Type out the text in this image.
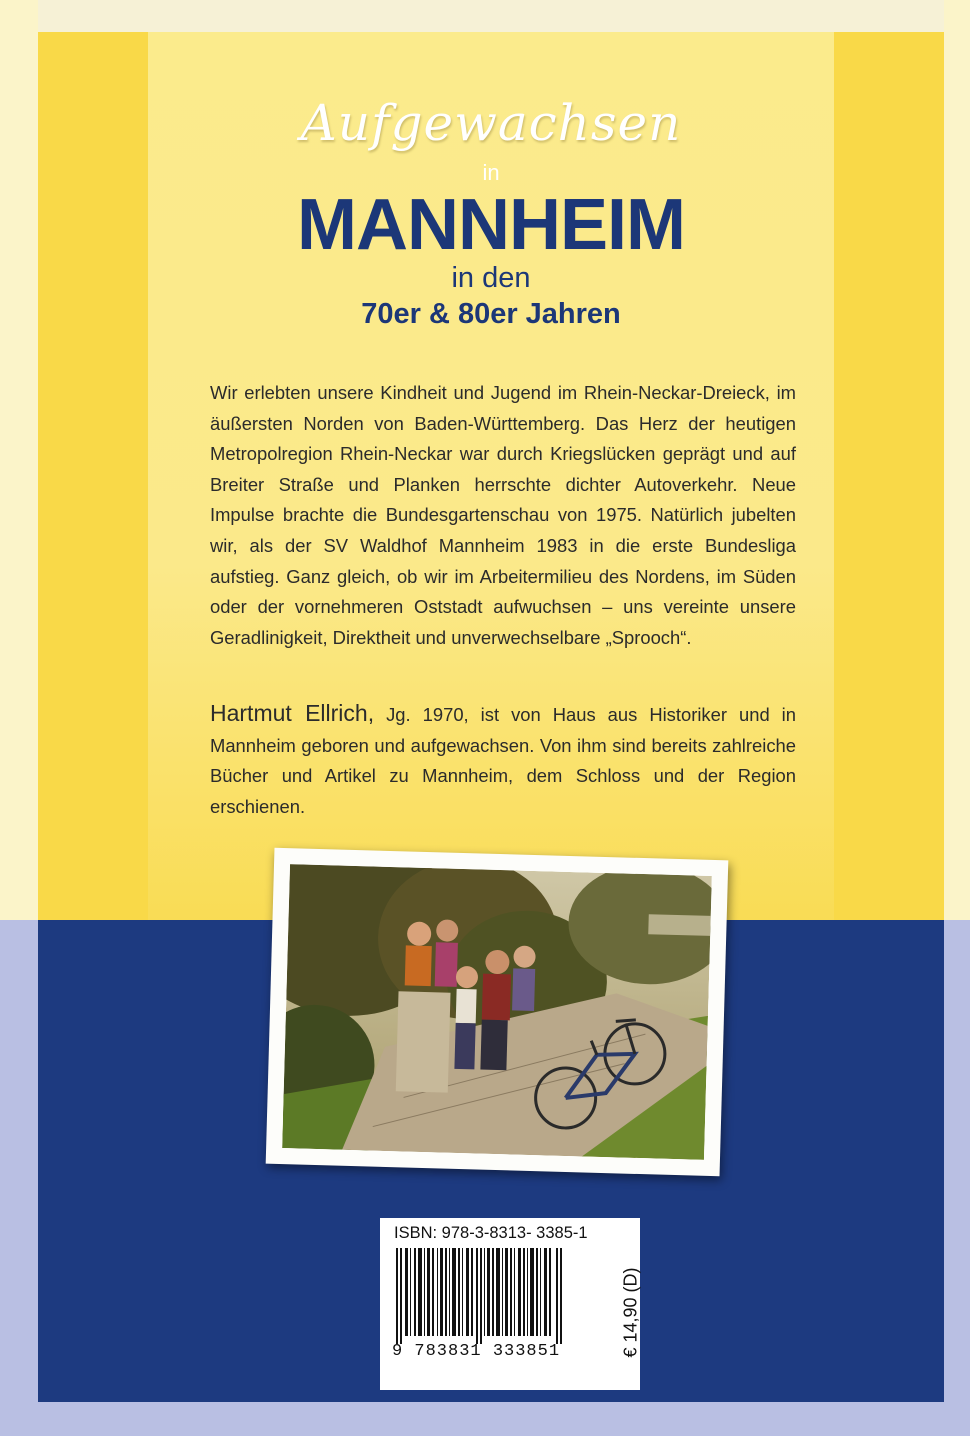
Aufgewachsen
in
MANNHEIM
in den
70er & 80er Jahren

Wir erlebten unsere Kindheit und Jugend im Rhein-Neckar-Dreieck, im äußersten Norden von Baden-Württemberg. Das Herz der heutigen Metropolregion Rhein-Neckar war durch Kriegslücken geprägt und auf Breiter Straße und Planken herrschte dichter Autoverkehr. Neue Impulse brachte die Bundesgartenschau von 1975. Natürlich jubelten wir, als der SV Waldhof Mannheim 1983 in die erste Bundesliga aufstieg. Ganz gleich, ob wir im Arbeitermilieu des Nordens, im Süden oder der vornehmeren Oststadt aufwuchsen – uns vereinte unsere Geradlinigkeit, Direktheit und unverwechselbare „Sprooch“.

Hartmut Ellrich, Jg. 1970, ist von Haus aus Historiker und in Mannheim geboren und aufgewachsen. Von ihm sind bereits zahlreiche Bücher und Artikel zu Mannheim, dem Schloss und der Region erschienen.

ISBN: 978-3-8313- 3385-1
9 783831 333851	€ 14,90 (D)
